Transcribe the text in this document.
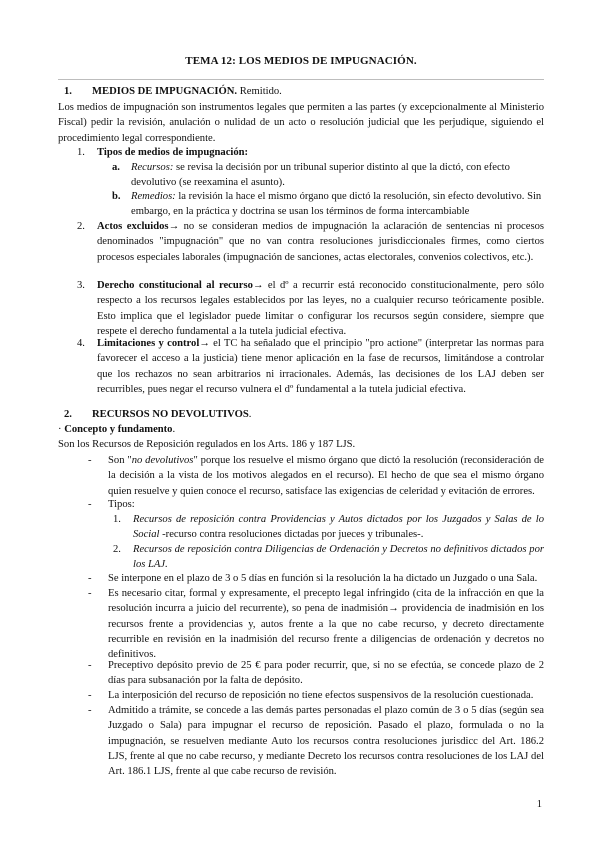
TEMA 12: LOS MEDIOS DE IMPUGNACIÓN.
1. MEDIOS DE IMPUGNACIÓN. Remitido.
Los medios de impugnación son instrumentos legales que permiten a las partes (y excepcionalmente al Ministerio Fiscal) pedir la revisión, anulación o nulidad de un acto o resolución judicial que les perjudique, siguiendo el procedimiento legal correspondiente.
1.	Tipos de medios de impugnación:
a.	Recursos: se revisa la decisión por un tribunal superior distinto al que la dictó, con efecto devolutivo (se reexamina el asunto).
b. Remedios: la revisión la hace el mismo órgano que dictó la resolución, sin efecto devolutivo. Sin embargo, en la práctica y doctrina se usan los términos de forma intercambiable
2.	Actos excluidos→ no se consideran medios de impugnación la aclaración de sentencias ni procesos denominados "impugnación" que no van contra resoluciones jurisdiccionales firmes, como ciertos procesos especiales laborales (impugnación de sanciones, actas electorales, convenios colectivos, etc.).
3.	Derecho constitucional al recurso→ el dº a recurrir está reconocido constitucionalmente, pero sólo respecto a los recursos legales establecidos por las leyes, no a cualquier recurso teóricamente posible. Esto implica que el legislador puede limitar o configurar los recursos según considere, siempre que respete el derecho fundamental a la tutela judicial efectiva.
4.	Limitaciones y control→ el TC ha señalado que el principio "pro actione" (interpretar las normas para favorecer el acceso a la justicia) tiene menor aplicación en la fase de recursos, limitándose a controlar que los rechazos no sean arbitrarios ni irracionales. Además, las decisiones de los LAJ deben ser recurribles, pues negar el recurso vulnera el dº fundamental a la tutela judicial efectiva.
2. RECURSOS NO DEVOLUTIVOS.
· Concepto y fundamento.
Son los Recursos de Reposición regulados en los Arts. 186 y 187 LJS.
-	Son "no devolutivos" porque los resuelve el mismo órgano que dictó la resolución (reconsideración de la decisión a la vista de los motivos alegados en el recurso). El hecho de que sea el mismo órgano quien resuelve y quien conoce el recurso, satisface las exigencias de celeridad y evitación de errores.
-	Tipos:
1.	Recursos de reposición contra Providencias y Autos dictados por los Juzgados y Salas de lo Social -recurso contra resoluciones dictadas por jueces y tribunales-.
2.	Recursos de reposición contra Diligencias de Ordenación y Decretos no definitivos dictados por los LAJ.
-	Se interpone en el plazo de 3 o 5 días en función si la resolución la ha dictado un Juzgado o una Sala.
-	Es necesario citar, formal y expresamente, el precepto legal infringido (cita de la infracción en que la resolución incurra a juicio del recurrente), so pena de inadmisión→ providencia de inadmisión en los recursos frente a providencias y, autos frente a la que no cabe recurso, y decreto directamente recurrible en revisión en la inadmisión del recurso frente a diligencias de ordenación y decretos no definitivos.
-	Preceptivo depósito previo de 25 € para poder recurrir, que, si no se efectúa, se concede plazo de 2 días para subsanación por la falta de depósito.
-	La interposición del recurso de reposición no tiene efectos suspensivos de la resolución cuestionada.
-	Admitido a trámite, se concede a las demás partes personadas el plazo común de 3 o 5 días (según sea Juzgado o Sala) para impugnar el recurso de reposición. Pasado el plazo, formulada o no la impugnación, se resuelven mediante Auto los recursos contra resoluciones jurisdicc del Art. 186.2 LJS, frente al que no cabe recurso, y mediante Decreto los recursos contra resoluciones de los LAJ del Art. 186.1 LJS, frente al que cabe recurso de revisión.
1
